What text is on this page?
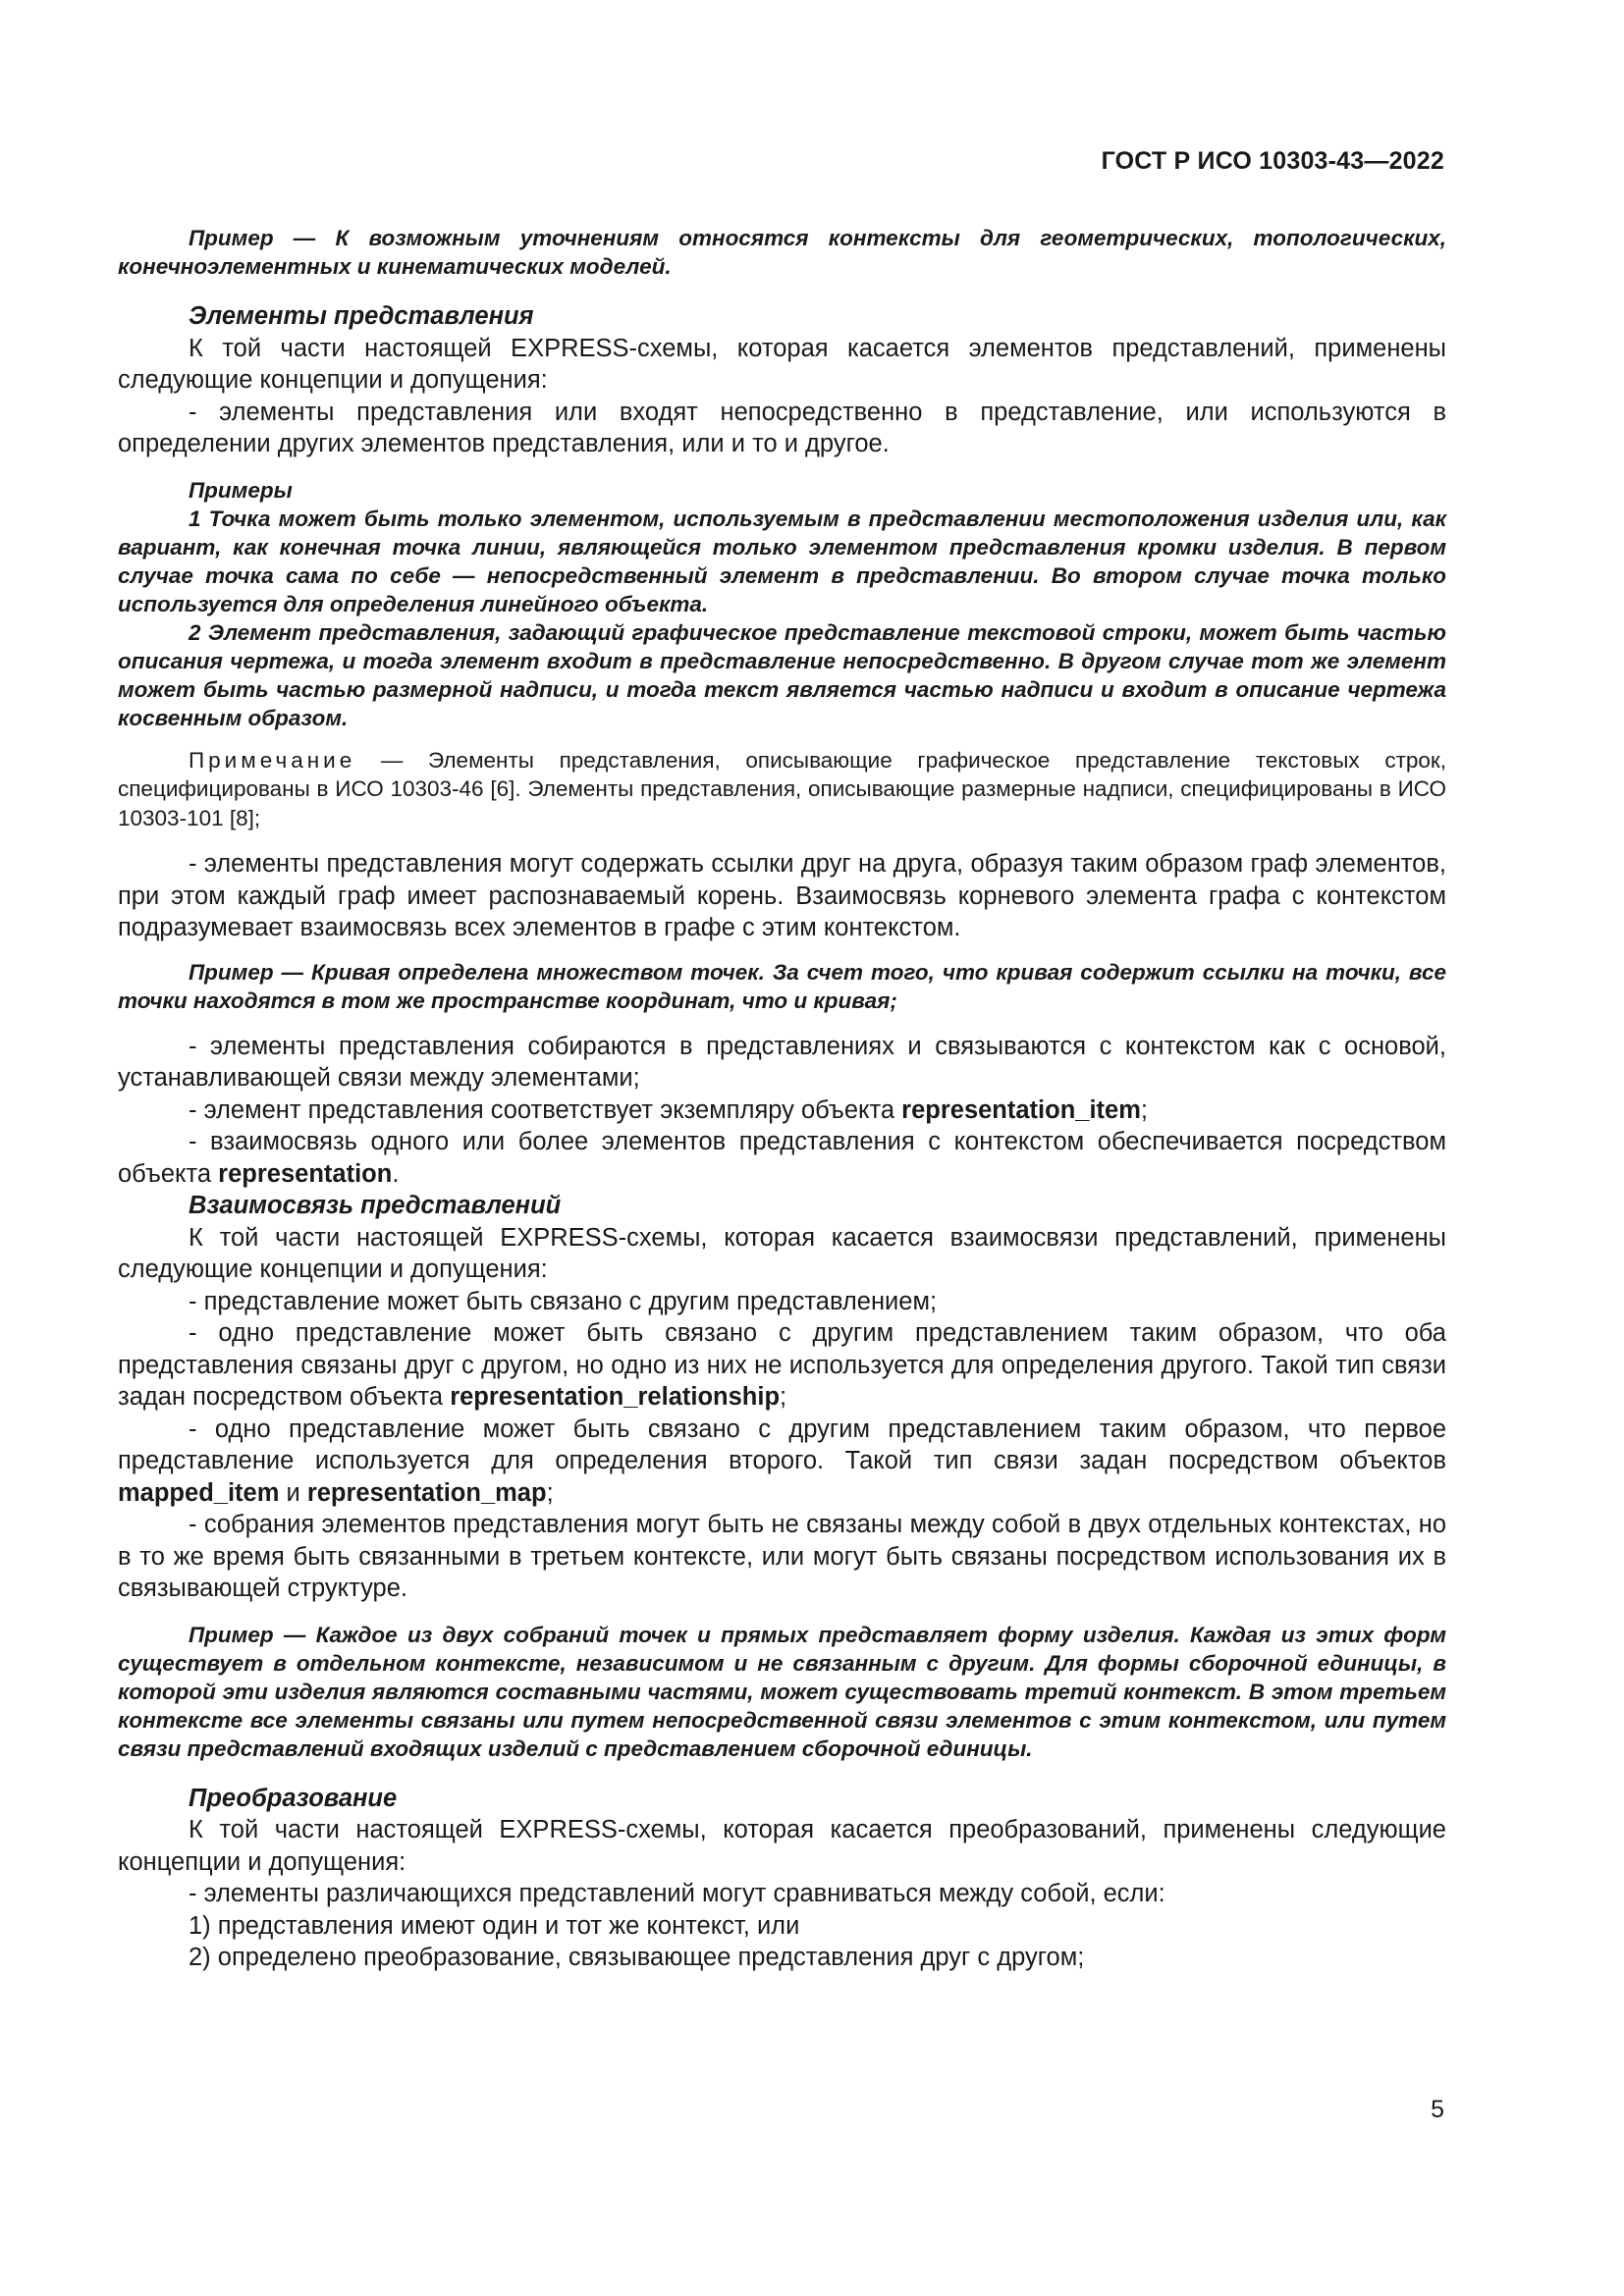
ГОСТ Р ИСО 10303-43—2022

Пример — К возможным уточнениям относятся контексты для геометрических, топологических, конечноэлементных и кинематических моделей.

Элементы представления

К той части настоящей EXPRESS-схемы, которая касается элементов представлений, применены следующие концепции и допущения:

- элементы представления или входят непосредственно в представление, или используются в определении других элементов представления, или и то и другое.

Примеры

1 Точка может быть только элементом, используемым в представлении местоположения изделия или, как вариант, как конечная точка линии, являющейся только элементом представления кромки изделия. В первом случае точка сама по себе — непосредственный элемент в представлении. Во втором случае точка только используется для определения линейного объекта.

2 Элемент представления, задающий графическое представление текстовой строки, может быть частью описания чертежа, и тогда элемент входит в представление непосредственно. В другом случае тот же элемент может быть частью размерной надписи, и тогда текст является частью надписи и входит в описание чертежа косвенным образом.

Примечание — Элементы представления, описывающие графическое представление текстовых строк, специфицированы в ИСО 10303-46 [6]. Элементы представления, описывающие размерные надписи, специфицированы в ИСО 10303-101 [8];

- элементы представления могут содержать ссылки друг на друга, образуя таким образом граф элементов, при этом каждый граф имеет распознаваемый корень. Взаимосвязь корневого элемента графа с контекстом подразумевает взаимосвязь всех элементов в графе с этим контекстом.

Пример — Кривая определена множеством точек. За счет того, что кривая содержит ссылки на точки, все точки находятся в том же пространстве координат, что и кривая;

- элементы представления собираются в представлениях и связываются с контекстом как с основой, устанавливающей связи между элементами;

- элемент представления соответствует экземпляру объекта representation_item;

- взаимосвязь одного или более элементов представления с контекстом обеспечивается посредством объекта representation.

Взаимосвязь представлений

К той части настоящей EXPRESS-схемы, которая касается взаимосвязи представлений, применены следующие концепции и допущения:

- представление может быть связано с другим представлением;

- одно представление может быть связано с другим представлением таким образом, что оба представления связаны друг с другом, но одно из них не используется для определения другого. Такой тип связи задан посредством объекта representation_relationship;

- одно представление может быть связано с другим представлением таким образом, что первое представление используется для определения второго. Такой тип связи задан посредством объектов mapped_item и representation_map;

- собрания элементов представления могут быть не связаны между собой в двух отдельных контекстах, но в то же время быть связанными в третьем контексте, или могут быть связаны посредством использования их в связывающей структуре.

Пример — Каждое из двух собраний точек и прямых представляет форму изделия. Каждая из этих форм существует в отдельном контексте, независимом и не связанным с другим. Для формы сборочной единицы, в которой эти изделия являются составными частями, может существовать третий контекст. В этом третьем контексте все элементы связаны или путем непосредственной связи элементов с этим контекстом, или путем связи представлений входящих изделий с представлением сборочной единицы.

Преобразование

К той части настоящей EXPRESS-схемы, которая касается преобразований, применены следующие концепции и допущения:

- элементы различающихся представлений могут сравниваться между собой, если:

1) представления имеют один и тот же контекст, или

2) определено преобразование, связывающее представления друг с другом;

5
